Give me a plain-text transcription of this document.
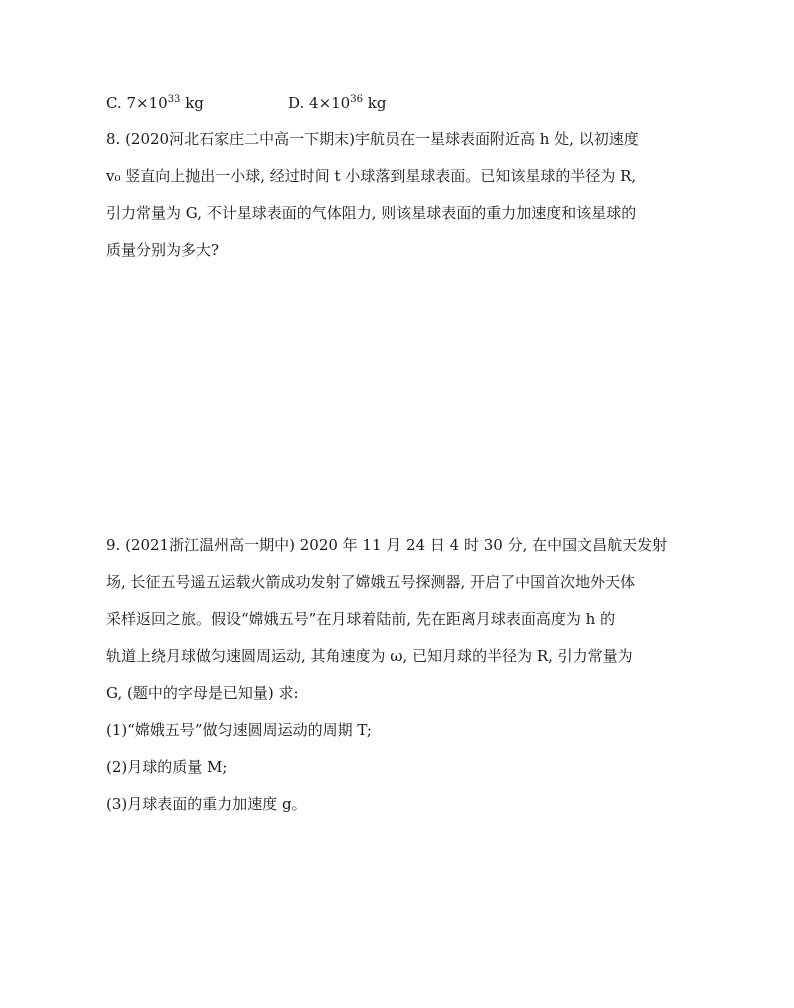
C. $7\times 10^{33}$ kg	D. $4\times 10^{36}$ kg
8. (2020河北石家庄二中高一下期末)宇航员在一星球表面附近高 h 处, 以初速度
v₀ 竖直向上抛出一小球, 经过时间 t 小球落到星球表面。已知该星球的半径为 R,
引力常量为 G, 不计星球表面的气体阻力, 则该星球表面的重力加速度和该星球的
质量分别为多大?
9. (2021浙江温州高一期中) 2020 年 11 月 24 日 4 时 30 分, 在中国文昌航天发射
场, 长征五号遥五运载火箭成功发射了嫦娥五号探测器, 开启了中国首次地外天体
采样返回之旅。假设“嫦娥五号”在月球着陆前, 先在距离月球表面高度为 h 的
轨道上绕月球做匀速圆周运动, 其角速度为 ω, 已知月球的半径为 R, 引力常量为
G, (题中的字母是已知量) 求:
(1)“嫦娥五号”做匀速圆周运动的周期 T;
(2)月球的质量 M;
(3)月球表面的重力加速度 g。
